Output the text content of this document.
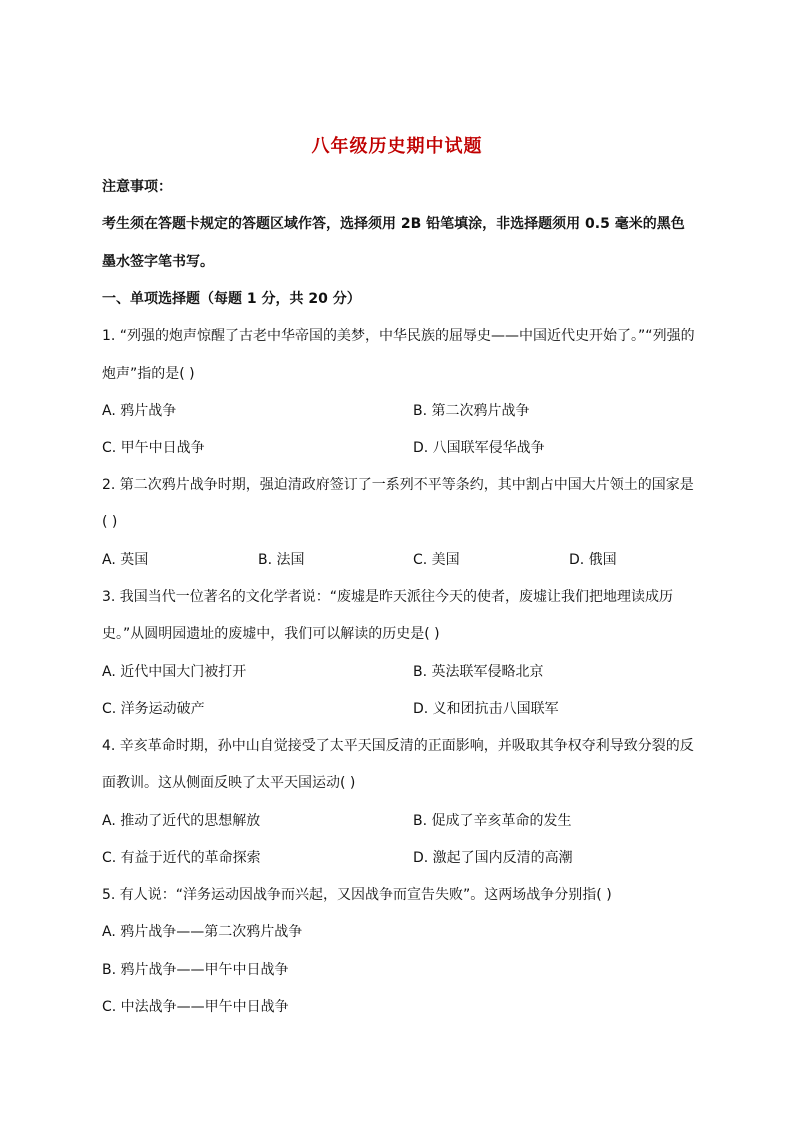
八年级历史期中试题
注意事项：
考生须在答题卡规定的答题区域作答，选择须用 2B 铅笔填涂，非选择题须用 0.5 毫米的黑色
墨水签字笔书写。
一、单项选择题（每题 1 分，共 20 分）
1. “列强的炮声惊醒了古老中华帝国的美梦，中华民族的屈辱史——中国近代史开始了。”“列强的
炮声”指的是( )
A. 鸦片战争	B. 第二次鸦片战争
C. 甲午中日战争	D. 八国联军侵华战争
2. 第二次鸦片战争时期，强迫清政府签订了一系列不平等条约，其中割占中国大片领土的国家是
( )
A. 英国	B. 法国	C. 美国	D. 俄国
3. 我国当代一位著名的文化学者说：“废墟是昨天派往今天的使者，废墟让我们把地理读成历
史。”从圆明园遗址的废墟中，我们可以解读的历史是( )
A. 近代中国大门被打开	B. 英法联军侵略北京
C. 洋务运动破产	D. 义和团抗击八国联军
4. 辛亥革命时期，孙中山自觉接受了太平天国反清的正面影响，并吸取其争权夺利导致分裂的反
面教训。这从侧面反映了太平天国运动( )
A. 推动了近代的思想解放	B. 促成了辛亥革命的发生
C. 有益于近代的革命探索	D. 激起了国内反清的高潮
5. 有人说：“洋务运动因战争而兴起，又因战争而宣告失败”。这两场战争分别指( )
A. 鸦片战争——第二次鸦片战争
B. 鸦片战争——甲午中日战争
C. 中法战争——甲午中日战争
